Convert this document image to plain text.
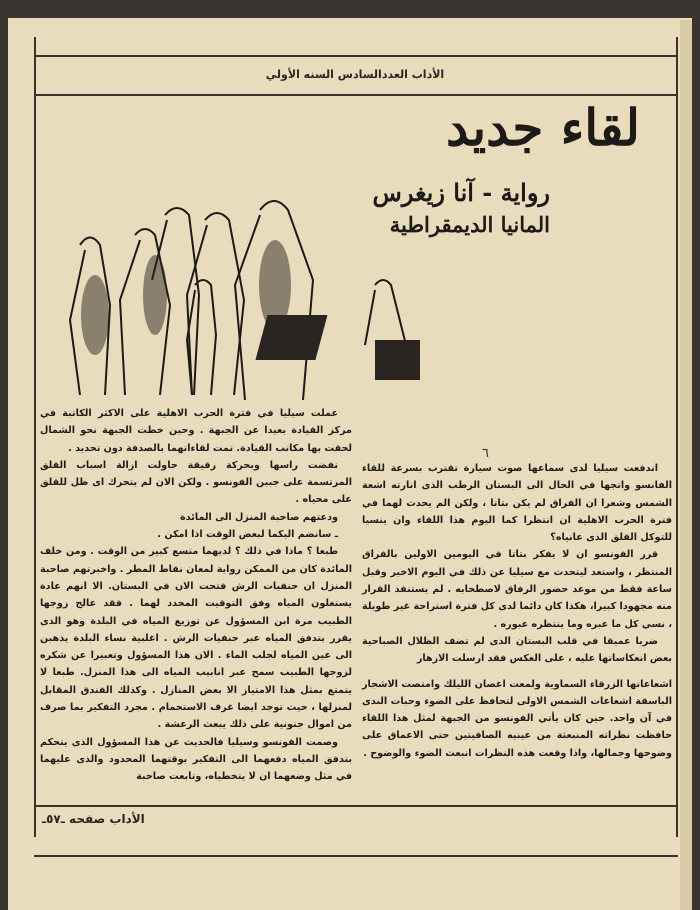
الأداب العددالسادس السنه الأولي
لقاء جديد
رواية - آنا زيغرس
المانيا الديمقراطية
٦

عملت سيليا في فترة الحرب الاهلية على الاكثر الكاتبة في مركز القيادة بعيدا عن الجبهة . وحين خطت الجبهة نحو الشمال لحقت بها مكاتب القيادة. تمت لقاءاتهما بالصدفة دون تحديد .

نفضت راسها وبحركة رقيقة حاولت ازالة اسباب القلق المرتسمة على جبين الفونسو . ولكن الان لم يتحرك اى ظل للقلق على محياه .

ودعتهم صاحبة المنزل الى المائدة

ـ سانضم اليكما لبعض الوقت اذا امكن .

طبعا ؟ ماذا في ذلك ؟ لديهما متسع كبير من الوقت . ومن خلف المائدة كان من الممكن رواية لمعان نقاط المطر . واخبرتهم صاحبة المنزل ان حنفيات الرش فتحت الان في البستان. الا انهم عادة يستغلون المياه وفق التوقيت المحدد لهما . فقد عالج زوجها الطبيب مرة ابن المسؤول عن توزيع المياه في البلدة وهو الذى يقرر بتدفق المياه عبر حنفيات الرش . اغلبية نساء البلدة يذهبن الى عين المياه لجلب الماء . الان هذا المسؤول وتعبيرا عن شكره لزوجها الطبيب سمح عبر انابيب المياه الى هذا المنزل. طبعا لا يتمتع بمثل هذا الامتياز الا بعض المنازل . وكذلك الفندق المقابل لمنزلها ، حيث توجد ايضا غرف الاستحمام . مجرد التفكير بما صرف من اموال جنونية على ذلك يبعث الرعشة .

وصمت الفونسو وسيليا فالحديث عن هذا المسؤول الذى يتحكم بتدفق المياه دفعهما الى التفكير بوقتهما المحدود والذى عليهما في مثل وضعهما ان لا يتخطياه، وتابعت صاحبة

اندفعت سيليا لدى سماعها صوت سيارة تقترب بسرعة للقاء الفانسو واتجها في الحال الى البستان الرطب الذى انارته اشعة الشمس وشعرا ان الفراق لم يكن بتاتا ، ولكن الم يحدث لهما في فترة الحرب الاهلية ان انتظرا كما اليوم هذا اللقاء وان ينسيا للتوكل القلق الذى عانياه؟

قرر الفونسو ان لا يفكر بتاتا في اليومين الاولين بالفراق المنتظر ، واستعد ليتحدث مع سيليا عن ذلك في اليوم الاخير وقبل ساعة فقط من موعد حضور الرفاق لاصطحابه . لم يستنفذ القرار منه مجهودا كبيرا، هكذا كان دائما لدى كل فترة استراحة غير طويلة ، نسي كل ما عبره وما ينتظره عبوره .

ضربا عميقا في قلب البستان الذى لم تضف الظلال الصباحية بعض انعكاساتها عليه ، على العكس فقد ارسلت الازهار

اشعاعاتها الزرقاء السماوية ولمعت اغصان الليلك وامتصت الاشجار الباسقة اشعاعات الشمس الاولى لتحافظ على الضوء وحبات الندى في آن واحد. حين كان يأتي الفونسو من الجبهة لمثل هذا اللقاء حافظت نظراته المنبعثة من عينيه الصافيتين حتى الاعماق على وضوحها وجمالها، واذا وقعت هذه النظرات انبعث الضوء والوضوح .

الأداب صفحه ـ٥٧ـ
